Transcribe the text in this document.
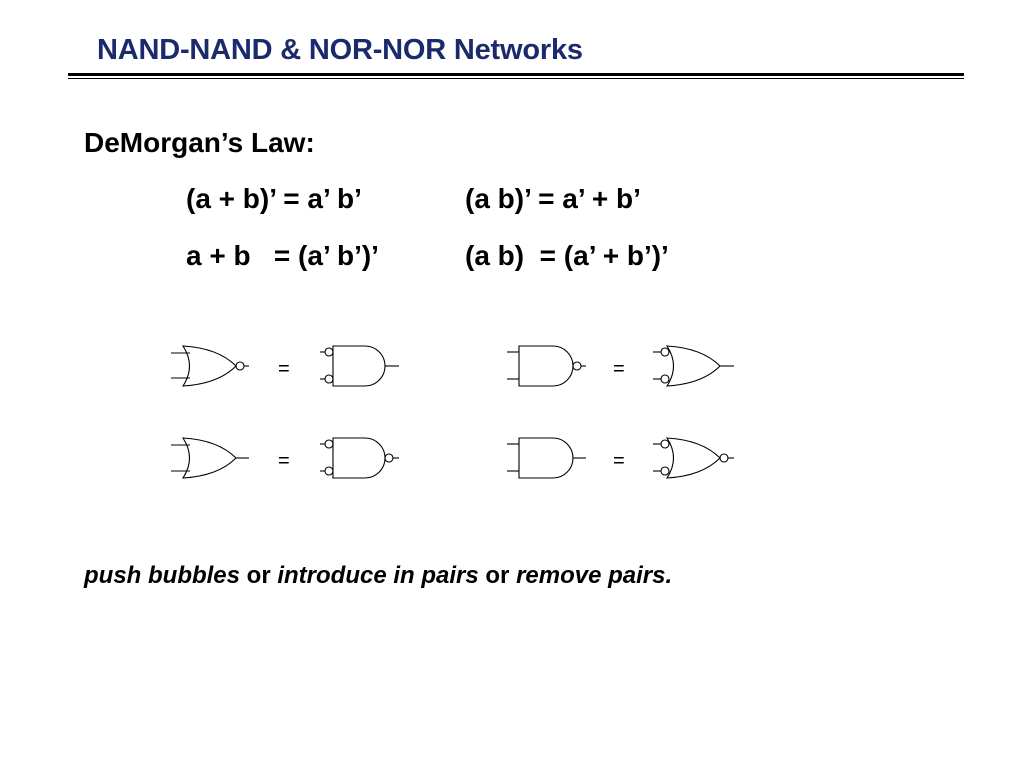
NAND-NAND & NOR-NOR Networks
DeMorgan’s Law:
(a + b)’ = a’ b’	(a b)’ = a’ + b’
a + b   = (a’ b’)’	(a b)  = (a’ + b’)’
=	=
=	=
push bubbles or introduce in pairs or remove pairs.
